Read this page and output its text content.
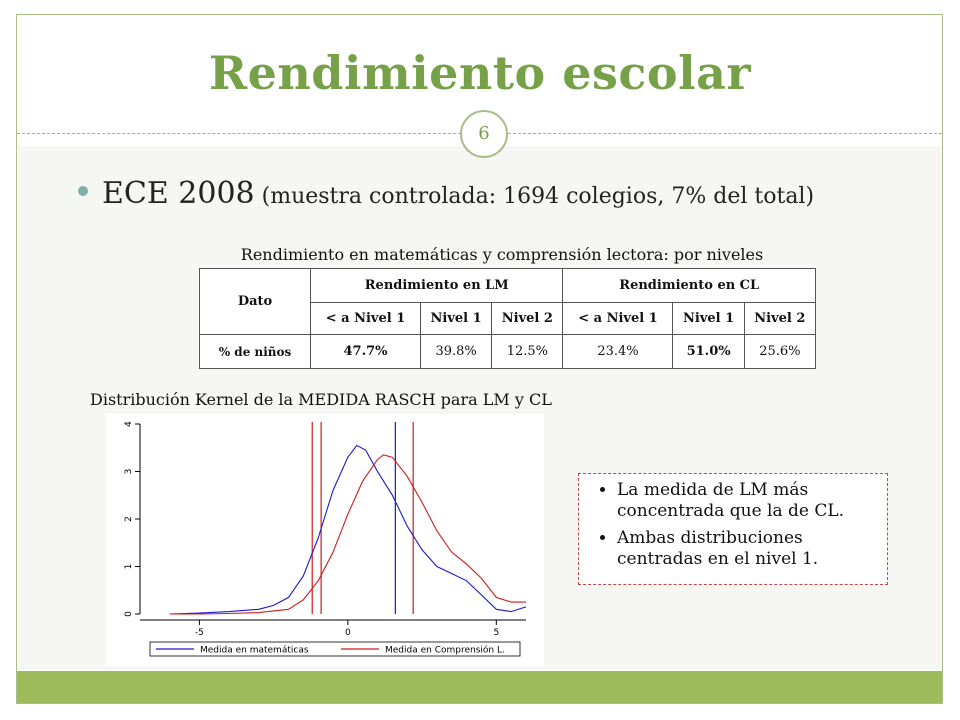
Rendimiento escolar
6
ECE 2008 (muestra controlada: 1694 colegios, 7% del total)
Rendimiento en matemáticas y comprensión lectora: por niveles
Dato	Rendimiento en LM			Rendimiento en CL		
	< a Nivel 1	Nivel 1	Nivel 2	< a Nivel 1	Nivel 1	Nivel 2
% de niños	47.7%	39.8%	12.5%	23.4%	51.0%	25.6%
Distribución Kernel de la MEDIDA RASCH para LM y CL
0
1
2
3
4
-5	0	5
Medida en matemáticas	Medida en Comprensión L.
• La medida de LM más concentrada que la de CL.
• Ambas distribuciones centradas en el nivel 1.
